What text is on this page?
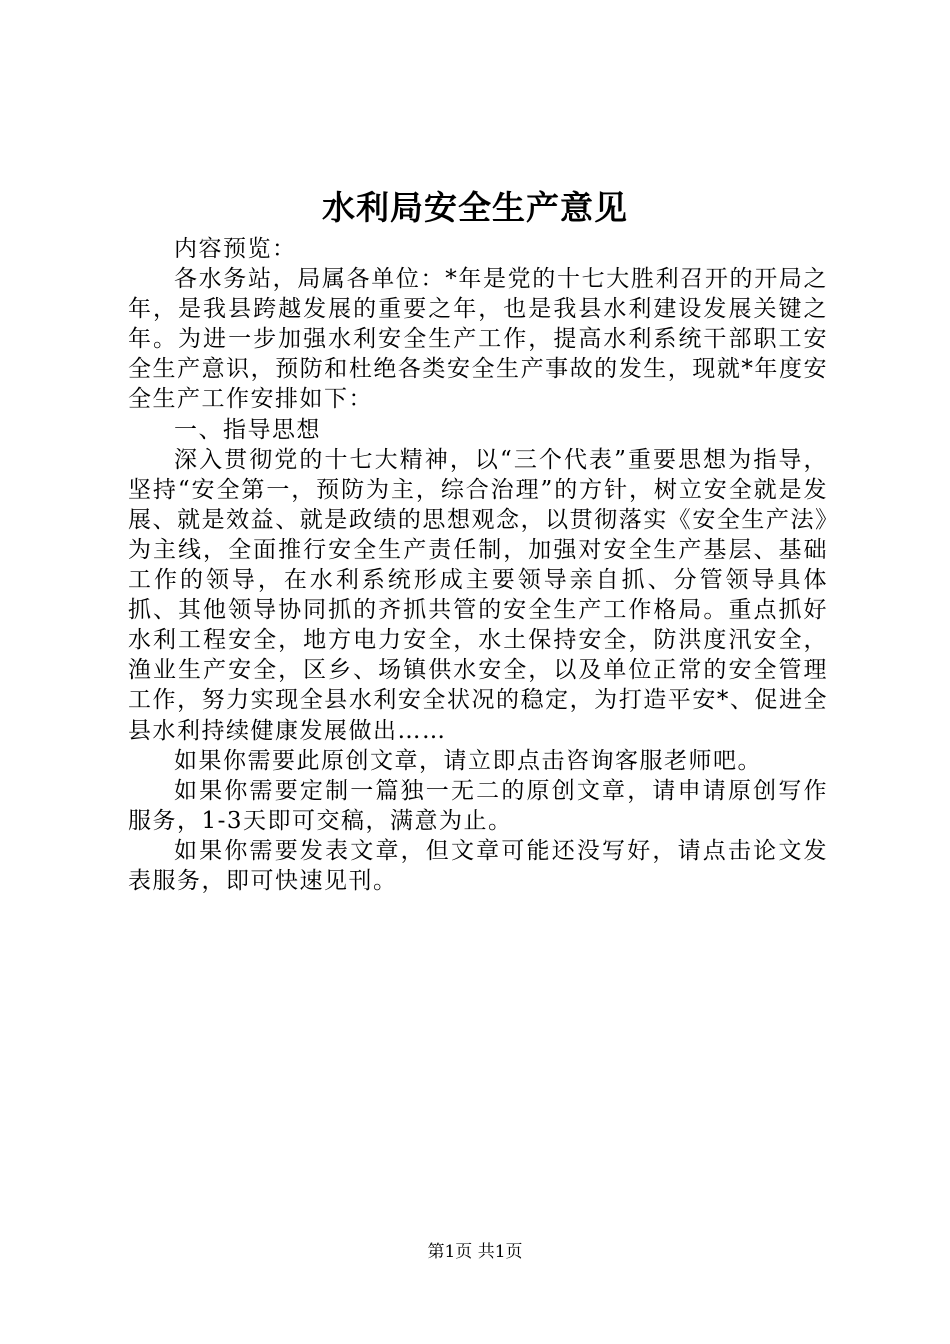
水利局安全生产意见

内容预览：

各水务站，局属各单位：*年是党的十七大胜利召开的开局之年，是我县跨越发展的重要之年，也是我县水利建设发展关键之年。为进一步加强水利安全生产工作，提高水利系统干部职工安全生产意识，预防和杜绝各类安全生产事故的发生，现就*年度安全生产工作安排如下：

一、指导思想

深入贯彻党的十七大精神，以“三个代表”重要思想为指导，坚持“安全第一，预防为主，综合治理”的方针，树立安全就是发展、就是效益、就是政绩的思想观念，以贯彻落实《安全生产法》为主线，全面推行安全生产责任制，加强对安全生产基层、基础工作的领导，在水利系统形成主要领导亲自抓、分管领导具体抓、其他领导协同抓的齐抓共管的安全生产工作格局。重点抓好水利工程安全，地方电力安全，水土保持安全，防洪度汛安全，渔业生产安全，区乡、场镇供水安全，以及单位正常的安全管理工作，努力实现全县水利安全状况的稳定，为打造平安*、促进全县水利持续健康发展做出……

如果你需要此原创文章，请立即点击咨询客服老师吧。

如果你需要定制一篇独一无二的原创文章，请申请原创写作服务，1-3天即可交稿，满意为止。

如果你需要发表文章，但文章可能还没写好，请点击论文发表服务，即可快速见刊。

第1页 共1页
